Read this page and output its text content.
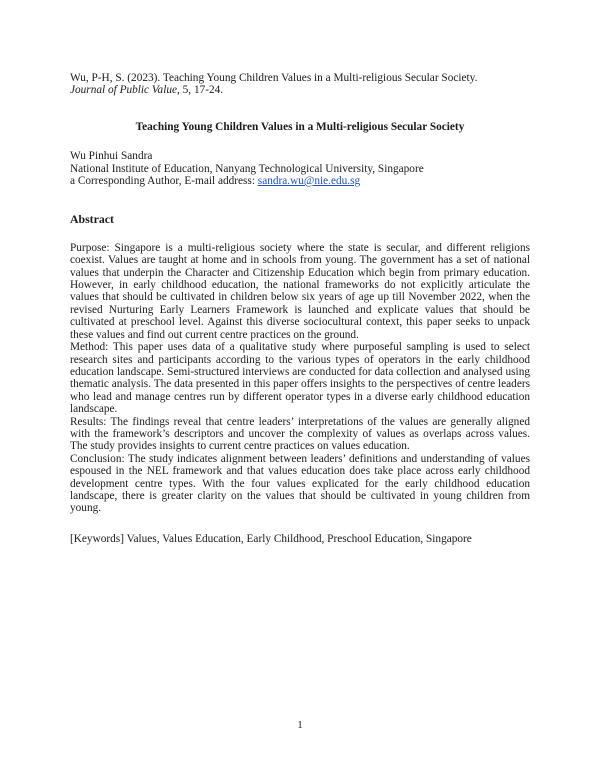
Wu, P-H, S. (2023). Teaching Young Children Values in a Multi-religious Secular Society.

Journal of Public Value, 5, 17-24.

Teaching Young Children Values in a Multi-religious Secular Society

Wu Pinhui Sandra

National Institute of Education, Nanyang Technological University, Singapore

a Corresponding Author, E-mail address: sandra.wu@nie.edu.sg

Abstract

Purpose: Singapore is a multi-religious society where the state is secular, and different religions coexist. Values are taught at home and in schools from young. The government has a set of national values that underpin the Character and Citizenship Education which begin from primary education. However, in early childhood education, the national frameworks do not explicitly articulate the values that should be cultivated in children below six years of age up till November 2022, when the revised Nurturing Early Learners Framework is launched and explicate values that should be cultivated at preschool level. Against this diverse sociocultural context, this paper seeks to unpack these values and find out current centre practices on the ground.

Method: This paper uses data of a qualitative study where purposeful sampling is used to select research sites and participants according to the various types of operators in the early childhood education landscape. Semi-structured interviews are conducted for data collection and analysed using thematic analysis. The data presented in this paper offers insights to the perspectives of centre leaders who lead and manage centres run by different operator types in a diverse early childhood education landscape.

Results: The findings reveal that centre leaders’ interpretations of the values are generally aligned with the framework’s descriptors and uncover the complexity of values as overlaps across values. The study provides insights to current centre practices on values education.

Conclusion: The study indicates alignment between leaders’ definitions and understanding of values espoused in the NEL framework and that values education does take place across early childhood development centre types. With the four values explicated for the early childhood education landscape, there is greater clarity on the values that should be cultivated in young children from young.

[Keywords] Values, Values Education, Early Childhood, Preschool Education, Singapore
1
